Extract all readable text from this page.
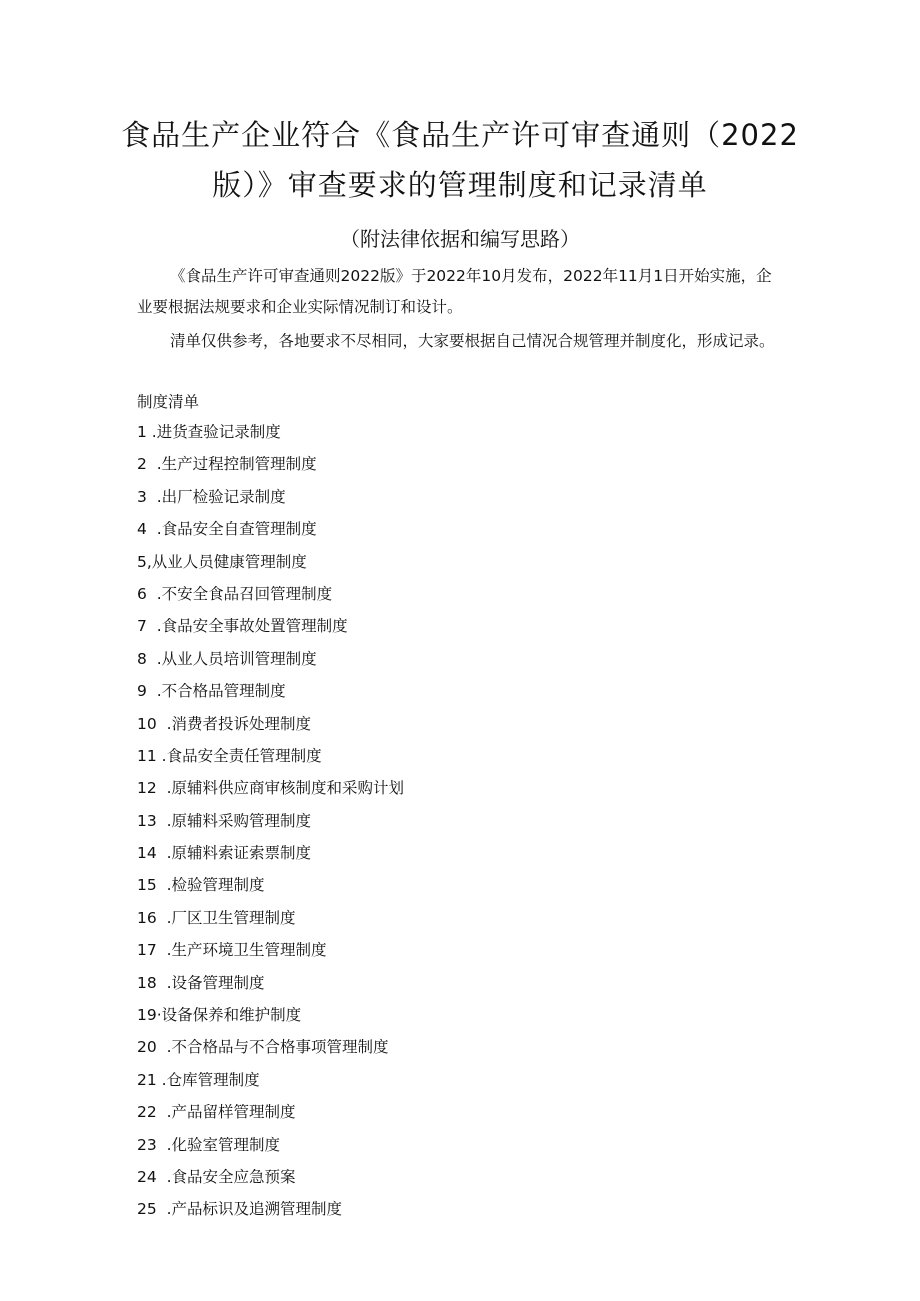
食品生产企业符合《食品生产许可审查通则（2022
版）》审查要求的管理制度和记录清单

（附法律依据和编写思路）

《食品生产许可审查通则2022版》于2022年10月发布，2022年11月1日开始实施，企业要根据法规要求和企业实际情况制订和设计。

清单仅供参考，各地要求不尽相同，大家要根据自己情况合规管理并制度化，形成记录。

制度清单

1 .进货查验记录制度
2  .生产过程控制管理制度
3  .出厂检验记录制度
4  .食品安全自查管理制度
5,从业人员健康管理制度
6  .不安全食品召回管理制度
7  .食品安全事故处置管理制度
8  .从业人员培训管理制度
9  .不合格品管理制度
10  .消费者投诉处理制度
11 .食品安全责任管理制度
12  .原辅料供应商审核制度和采购计划
13  .原辅料采购管理制度
14  .原辅料索证索票制度
15  .检验管理制度
16  .厂区卫生管理制度
17  .生产环境卫生管理制度
18  .设备管理制度
19·设备保养和维护制度
20  .不合格品与不合格事项管理制度
21 .仓库管理制度
22  .产品留样管理制度
23  .化验室管理制度
24  .食品安全应急预案
25  .产品标识及追溯管理制度
